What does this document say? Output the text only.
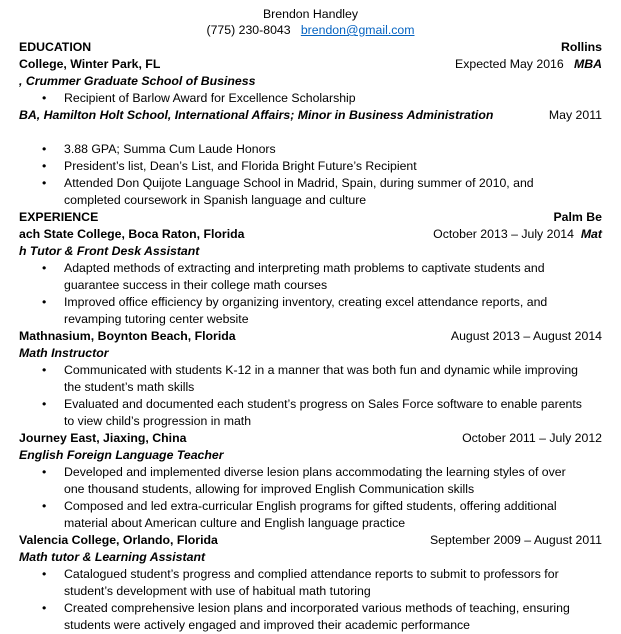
Brendon Handley
(775) 230-8043 brendon@gmail.com
EDUCATION	Rollins
College, Winter Park, FL	Expected May 2016 MBA
, Crummer Graduate School of Business
• Recipient of Barlow Award for Excellence Scholarship
BA, Hamilton Holt School, International Affairs; Minor in Business Administration	May 2011
• 3.88 GPA; Summa Cum Laude Honors
• President’s list, Dean’s List, and Florida Bright Future’s Recipient
• Attended Don Quijote Language School in Madrid, Spain, during summer of 2010, and
completed coursework in Spanish language and culture
EXPERIENCE	Palm Be
ach State College, Boca Raton, Florida	October 2013 – July 2014 Mat
h Tutor & Front Desk Assistant
• Adapted methods of extracting and interpreting math problems to captivate students and
guarantee success in their college math courses
• Improved office efficiency by organizing inventory, creating excel attendance reports, and
revamping tutoring center website
Mathnasium, Boynton Beach, Florida	August 2013 – August 2014
Math Instructor
• Communicated with students K-12 in a manner that was both fun and dynamic while improving
the student’s math skills
• Evaluated and documented each student’s progress on Sales Force software to enable parents
to view child’s progression in math
Journey East, Jiaxing, China	October 2011 – July 2012
English Foreign Language Teacher
• Developed and implemented diverse lesion plans accommodating the learning styles of over
one thousand students, allowing for improved English Communication skills
• Composed and led extra-curricular English programs for gifted students, offering additional
material about American culture and English language practice
Valencia College, Orlando, Florida	September 2009 – August 2011
Math tutor & Learning Assistant
• Catalogued student’s progress and complied attendance reports to submit to professors for
student’s development with use of habitual math tutoring
• Created comprehensive lesion plans and incorporated various methods of teaching, ensuring
students were actively engaged and improved their academic performance
